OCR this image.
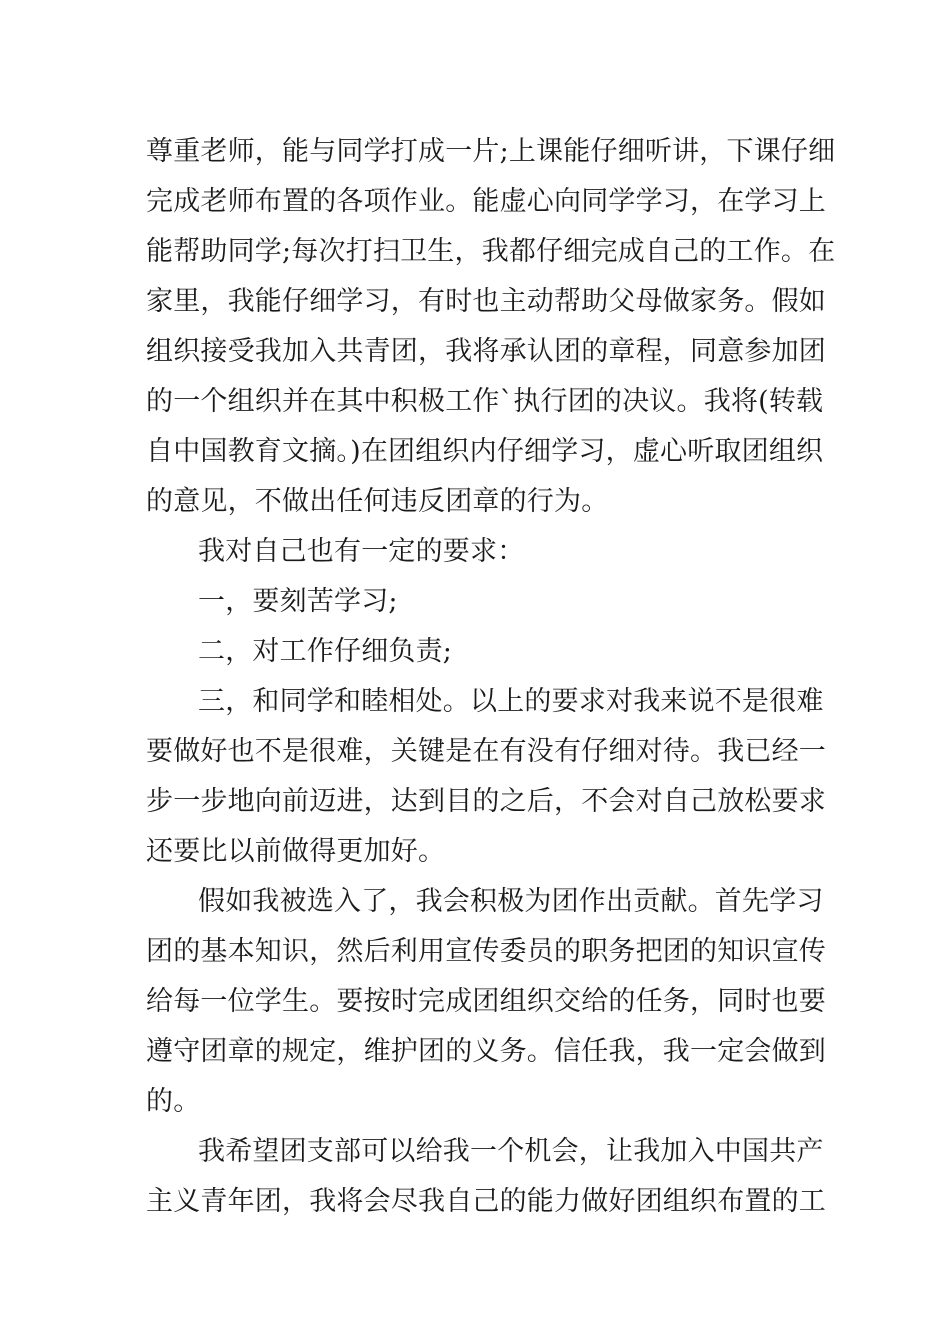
尊重老师，能与同学打成一片;上课能仔细听讲，下课仔细
完成老师布置的各项作业。能虚心向同学学习，在学习上
能帮助同学;每次打扫卫生，我都仔细完成自己的工作。在
家里，我能仔细学习，有时也主动帮助父母做家务。假如
组织接受我加入共青团，我将承认团的章程，同意参加团
的一个组织并在其中积极工作`执行团的决议。我将(转载
自中国教育文摘。)在团组织内仔细学习，虚心听取团组织
的意见，不做出任何违反团章的行为。
我对自己也有一定的要求：
一，要刻苦学习;
二，对工作仔细负责;
三，和同学和睦相处。以上的要求对我来说不是很难
要做好也不是很难，关键是在有没有仔细对待。我已经一
步一步地向前迈进，达到目的之后，不会对自己放松要求
还要比以前做得更加好。
假如我被选入了，我会积极为团作出贡献。首先学习
团的基本知识，然后利用宣传委员的职务把团的知识宣传
给每一位学生。要按时完成团组织交给的任务，同时也要
遵守团章的规定，维护团的义务。信任我，我一定会做到
的。
我希望团支部可以给我一个机会，让我加入中国共产
主义青年团，我将会尽我自己的能力做好团组织布置的工
